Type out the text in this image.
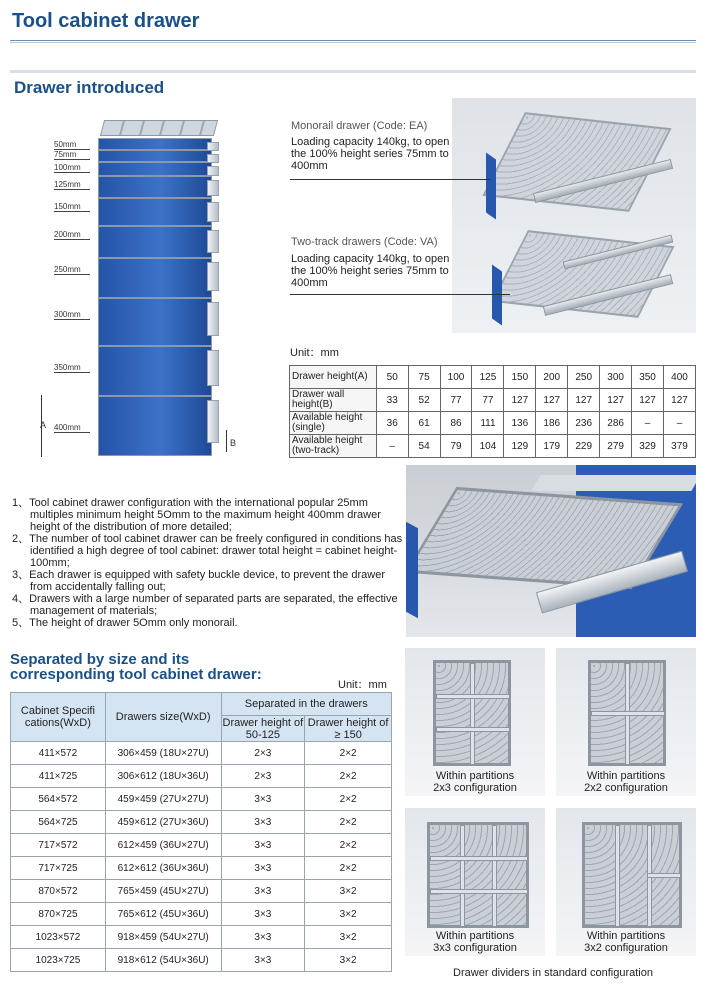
Tool cabinet drawer
Drawer introduced
50mm
75mm
100mm
125mm
150mm
200mm
250mm
300mm
350mm
400mm
A
B
Monorail drawer (Code: EA)
Loading capacity 140kg, to open the 100% height series 75mm to 400mm
Two-track drawers (Code: VA)
Loading capacity 140kg, to open the 100% height series 75mm to 400mm
Unit：mm
Drawer height(A)	50	75	100	125	150	200	250	300	350	400
Drawer wall height(B)	33	52	77	77	127	127	127	127	127	127
Available height (single)	36	61	86	111	136	186	236	286	–	–
Available height (two-track)	–	54	79	104	129	179	229	279	329	379
1、Tool cabinet drawer configuration with the international popular 25mm multiples minimum height 5Omm to the maximum height 400mm drawer height of the distribution of more detailed;
2、The number of tool cabinet drawer can be freely configured in conditions has identified a high degree of tool cabinet: drawer total height = cabinet height-100mm;
3、Each drawer is equipped with safety buckle device, to prevent the drawer from accidentally falling out;
4、Drawers with a large number of separated parts are separated, the effective management of materials;
5、The height of drawer 5Omm only monorail.
Separated by size and its
corresponding tool cabinet drawer:
Unit：mm
Cabinet Specifi cations(WxD)	Drawers size(WxD)	Separated in the drawers	
		Drawer height of 50-125	Drawer height of ≥ 150
411×572	306×459 (18U×27U)	2×3	2×2
411×725	306×612 (18U×36U)	2×3	2×2
564×572	459×459 (27U×27U)	3×3	2×2
564×725	459×612 (27U×36U)	3×3	2×2
717×572	612×459 (36U×27U)	3×3	2×2
717×725	612×612 (36U×36U)	3×3	2×2
870×572	765×459 (45U×27U)	3×3	3×2
870×725	765×612 (45U×36U)	3×3	3×2
1023×572	918×459 (54U×27U)	3×3	3×2
1023×725	918×612 (54U×36U)	3×3	3×2
Within partitions
2x3 configuration
Within partitions
2x2 configuration
Within partitions
3x3 configuration
Within partitions
3x2 configuration
Drawer dividers in standard configuration
